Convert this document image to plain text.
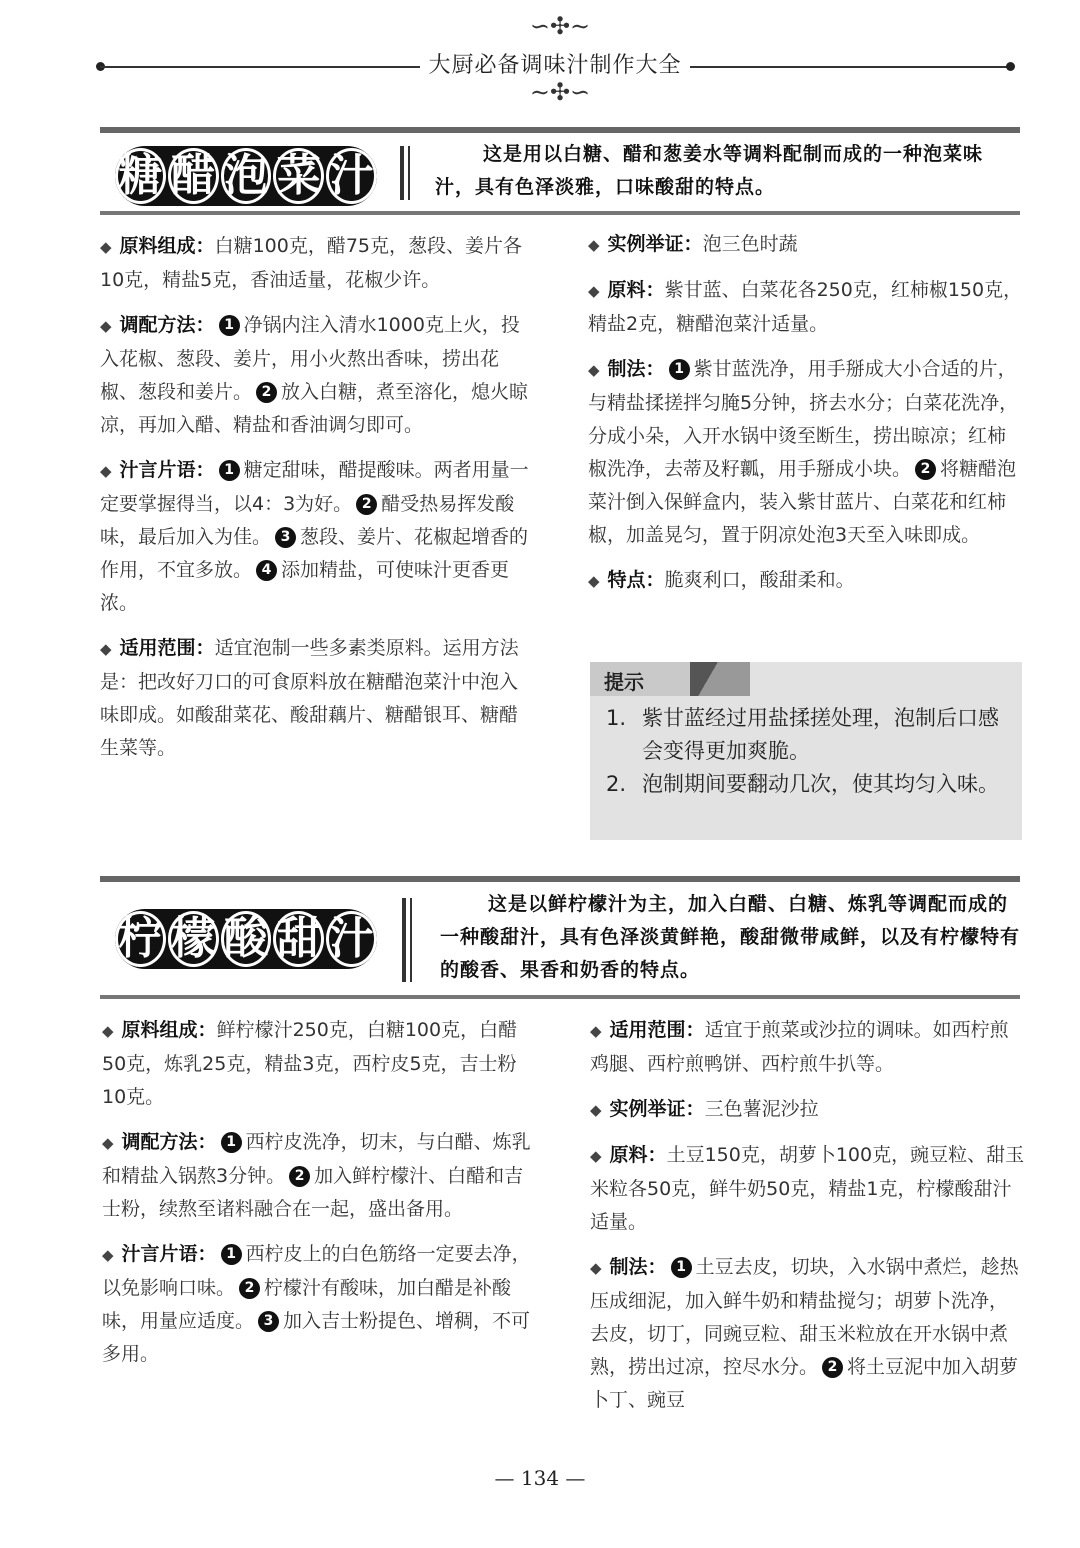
∽✣∼
大厨必备调味汁制作大全
∼✣∽
糖 醋 泡 菜 汁	这是用以白糖、醋和葱姜水等调料配制而成的一种泡菜味汁，具有色泽淡雅，口味酸甜的特点。

◆ 原料组成：白糖100克，醋75克，葱段、姜片各10克，精盐5克，香油适量，花椒少许。

◆ 调配方法： 1 净锅内注入清水1000克上火，投入花椒、葱段、姜片，用小火熬出香味，捞出花椒、葱段和姜片。 2 放入白糖，煮至溶化，熄火晾凉，再加入醋、精盐和香油调匀即可。

◆ 汁言片语： 1 糖定甜味，醋提酸味。两者用量一定要掌握得当，以4：3为好。 2 醋受热易挥发酸味，最后加入为佳。 3 葱段、姜片、花椒起增香的作用，不宜多放。 4 添加精盐，可使味汁更香更浓。

◆ 适用范围：适宜泡制一些多素类原料。运用方法是：把改好刀口的可食原料放在糖醋泡菜汁中泡入味即成。如酸甜菜花、酸甜藕片、糖醋银耳、糖醋生菜等。

◆ 实例举证：泡三色时蔬

◆ 原料：紫甘蓝、白菜花各250克，红柿椒150克，精盐2克，糖醋泡菜汁适量。

◆ 制法： 1 紫甘蓝洗净，用手掰成大小合适的片，与精盐揉搓拌匀腌5分钟，挤去水分；白菜花洗净，分成小朵，入开水锅中烫至断生，捞出晾凉；红柿椒洗净，去蒂及籽瓤，用手掰成小块。 2 将糖醋泡菜汁倒入保鲜盒内，装入紫甘蓝片、白菜花和红柿椒，加盖晃匀，置于阴凉处泡3天至入味即成。

◆ 特点：脆爽利口，酸甜柔和。

提示
1. 紫甘蓝经过用盐揉搓处理，泡制后口感会变得更加爽脆。
2. 泡制期间要翻动几次，使其均匀入味。
柠 檬 酸 甜 汁
这是以鲜柠檬汁为主，加入白醋、白糖、炼乳等调配而成的一种酸甜汁，具有色泽淡黄鲜艳，酸甜微带咸鲜，以及有柠檬特有的酸香、果香和奶香的特点。

◆ 原料组成：鲜柠檬汁250克，白糖100克，白醋50克，炼乳25克，精盐3克，西柠皮5克，吉士粉10克。

◆ 调配方法： 1 西柠皮洗净，切末，与白醋、炼乳和精盐入锅熬3分钟。 2 加入鲜柠檬汁、白醋和吉士粉，续熬至诸料融合在一起，盛出备用。

◆ 汁言片语： 1 西柠皮上的白色筋络一定要去净，以免影响口味。 2 柠檬汁有酸味，加白醋是补酸味，用量应适度。 3 加入吉士粉提色、增稠，不可多用。

◆ 适用范围：适宜于煎菜或沙拉的调味。如西柠煎鸡腿、西柠煎鸭饼、西柠煎牛扒等。

◆ 实例举证：三色薯泥沙拉

◆ 原料：土豆150克，胡萝卜100克，豌豆粒、甜玉米粒各50克，鲜牛奶50克，精盐1克，柠檬酸甜汁适量。

◆ 制法： 1 土豆去皮，切块，入水锅中煮烂，趁热压成细泥，加入鲜牛奶和精盐搅匀；胡萝卜洗净，去皮，切丁，同豌豆粒、甜玉米粒放在开水锅中煮熟，捞出过凉，控尽水分。 2 将土豆泥中加入胡萝卜丁、豌豆

— 134 —
